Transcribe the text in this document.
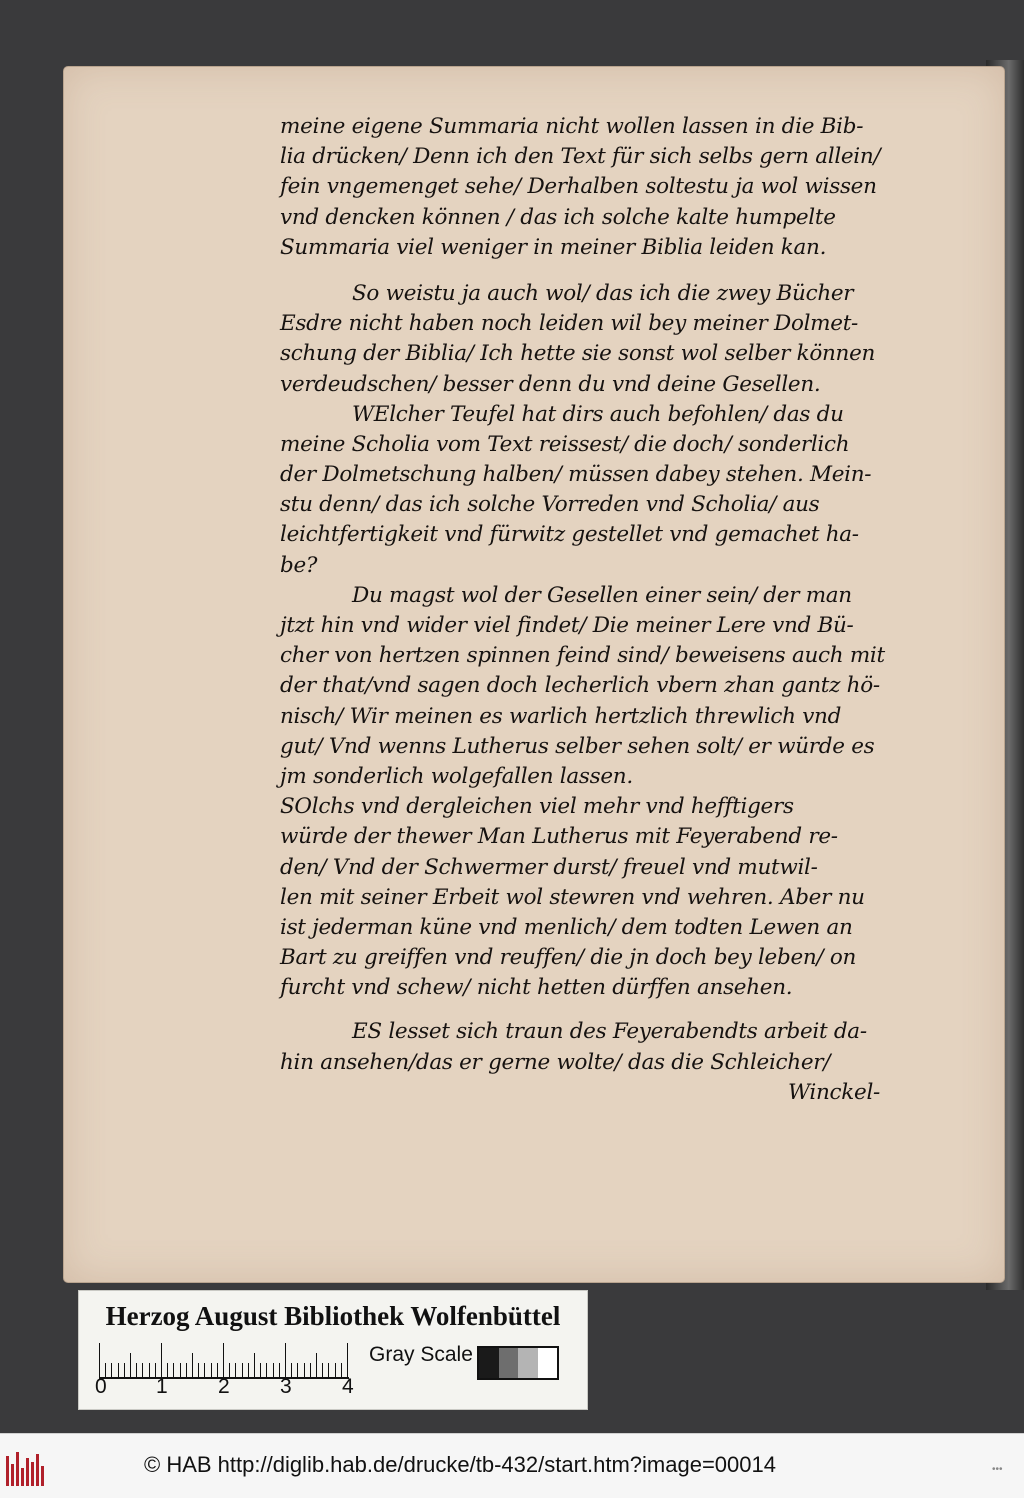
meine eigene Summaria nicht wollen lassen in die Bib-
lia drücken/ Denn ich den Text für sich selbs gern allein/
fein vngemenget sehe/ Derhalben soltestu ja wol wissen
vnd dencken können / das ich solche kalte humpelte
Summaria viel weniger in meiner Biblia leiden kan.
So weistu ja auch wol/ das ich die zwey Bücher
Esdre nicht haben noch leiden wil bey meiner Dolmet-
schung der Biblia/ Ich hette sie sonst wol selber können
verdeudschen/ besser denn du vnd deine Gesellen.
WElcher Teufel hat dirs auch befohlen/ das du
meine Scholia vom Text reissest/ die doch/ sonderlich
der Dolmetschung halben/ müssen dabey stehen. Mein-
stu denn/ das ich solche Vorreden vnd Scholia/ aus
leichtfertigkeit vnd fürwitz gestellet vnd gemachet ha-
be?
Du magst wol der Gesellen einer sein/ der man
jtzt hin vnd wider viel findet/ Die meiner Lere vnd Bü-
cher von hertzen spinnen feind sind/ beweisens auch mit
der that/vnd sagen doch lecherlich vbern zhan gantz hö-
nisch/ Wir meinen es warlich hertzlich threwlich vnd
gut/ Vnd wenns Lutherus selber sehen solt/ er würde es
jm sonderlich wolgefallen lassen.
SOlchs vnd dergleichen viel mehr vnd hefftigers
würde der thewer Man Lutherus mit Feyerabend re-
den/ Vnd der Schwermer durst/ freuel vnd mutwil-
len mit seiner Erbeit wol stewren vnd wehren. Aber nu
ist jederman küne vnd menlich/ dem todten Lewen an
Bart zu greiffen vnd reuffen/ die jn doch bey leben/ on
furcht vnd schew/ nicht hetten dürffen ansehen.
ES lesset sich traun des Feyerabendts arbeit da-
hin ansehen/das er gerne wolte/ das die Schleicher/
Winckel-
Herzog August Bibliothek Wolfenbüttel
0 1 2 3 4
Gray Scale
© HAB http://diglib.hab.de/drucke/tb-432/start.htm?image=00014	•••
